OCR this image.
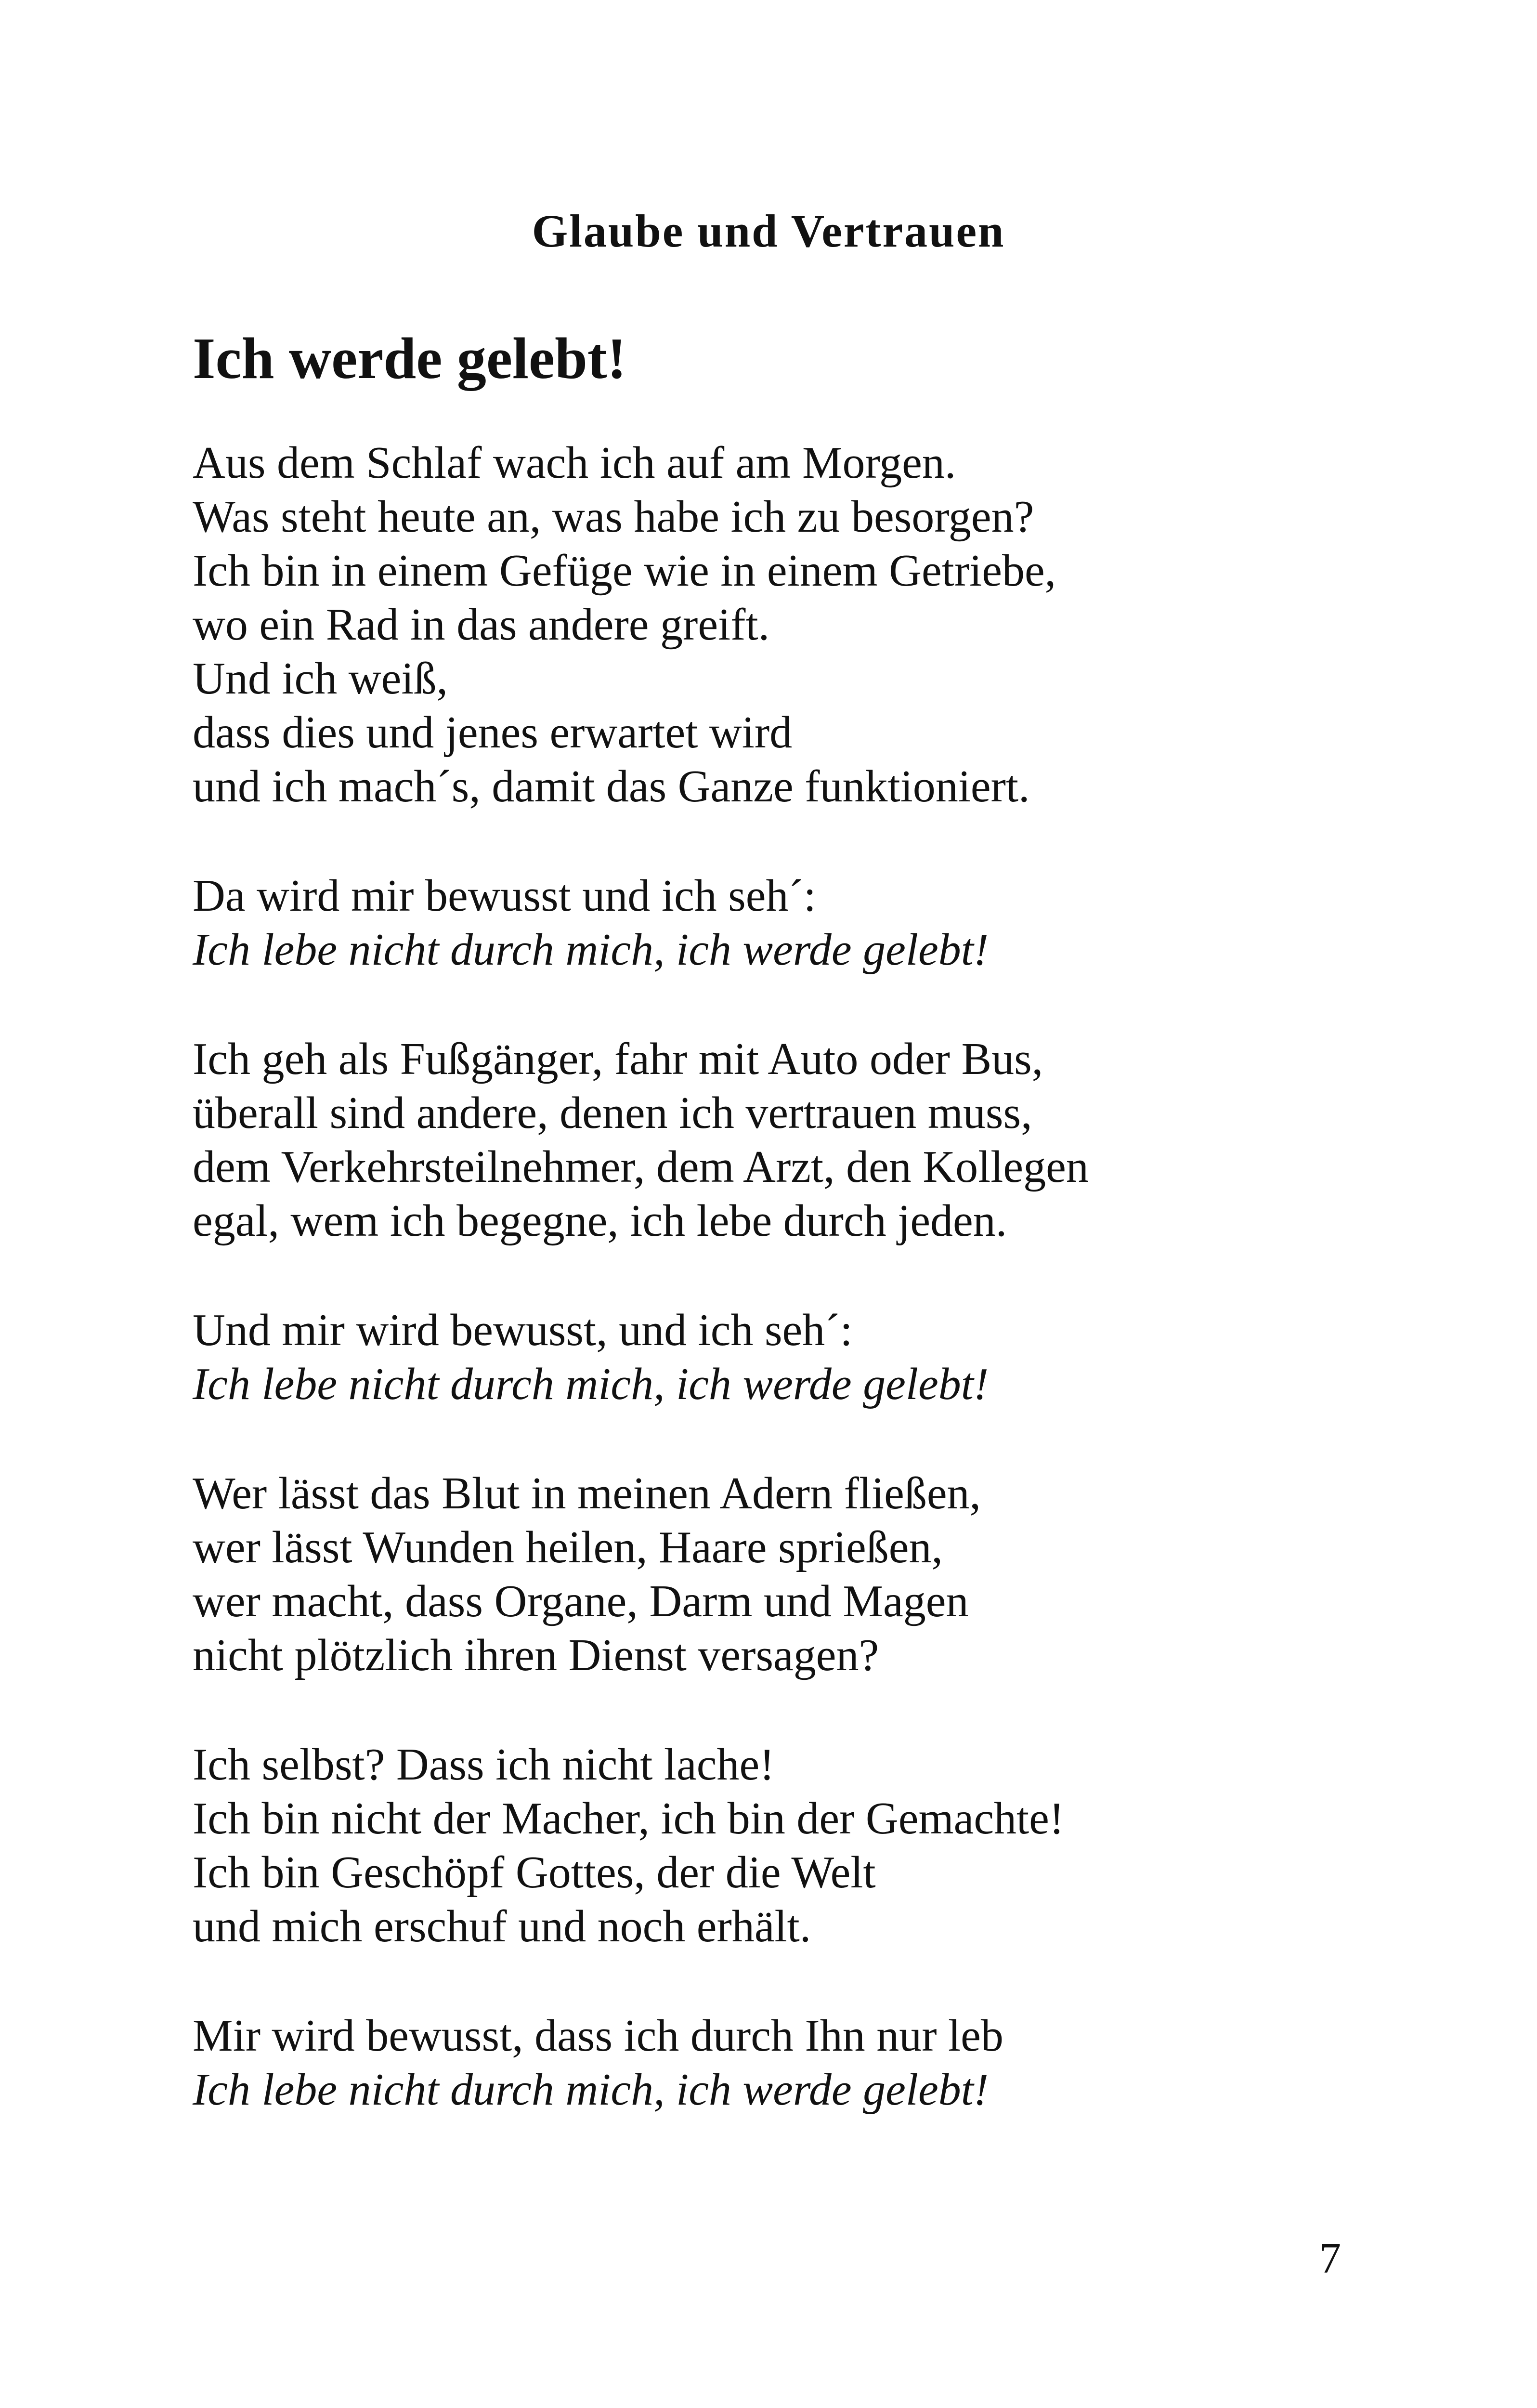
Glaube und Vertrauen
Ich werde gelebt!
Aus dem Schlaf wach ich auf am Morgen.
Was steht heute an, was habe ich zu besorgen?
Ich bin in einem Gefüge wie in einem Getriebe,
wo ein Rad in das andere greift.
Und ich weiß,
dass dies und jenes erwartet wird
und ich mach´s, damit das Ganze funktioniert.
Da wird mir bewusst und ich seh´:
Ich lebe nicht durch mich, ich werde gelebt!
Ich geh als Fußgänger, fahr mit Auto oder Bus,
überall sind andere, denen ich vertrauen muss,
dem Verkehrsteilnehmer, dem Arzt, den Kollegen
egal, wem ich begegne, ich lebe durch jeden.
Und mir wird bewusst, und ich seh´:
Ich lebe nicht durch mich, ich werde gelebt!
Wer lässt das Blut in meinen Adern fließen,
wer lässt Wunden heilen, Haare sprießen,
wer macht, dass Organe, Darm und Magen
nicht plötzlich ihren Dienst versagen?
Ich selbst? Dass ich nicht lache!
Ich bin nicht der Macher, ich bin der Gemachte!
Ich bin Geschöpf Gottes, der die Welt
und mich erschuf und noch erhält.
Mir wird bewusst, dass ich durch Ihn nur leb
Ich lebe nicht durch mich, ich werde gelebt!
7
